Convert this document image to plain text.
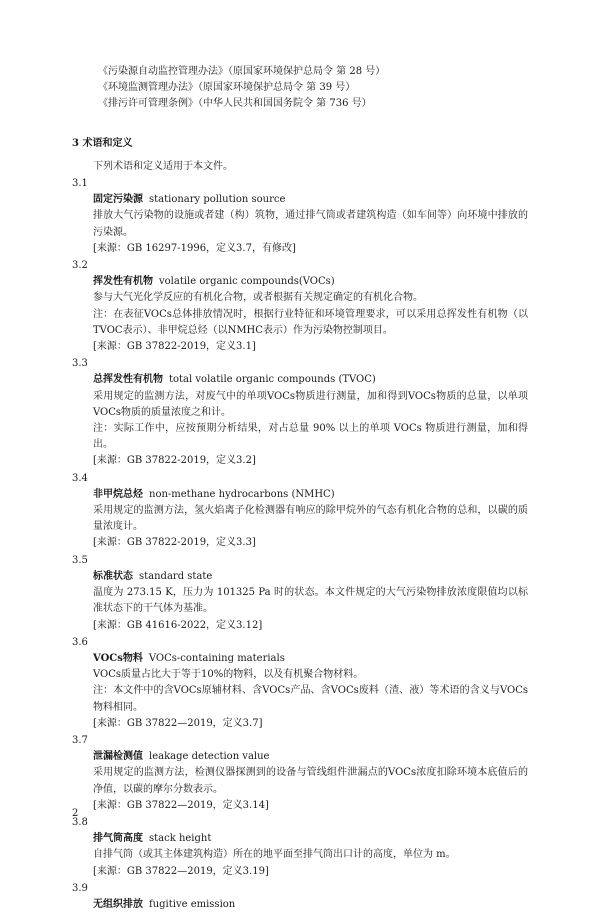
《污染源自动监控管理办法》（原国家环境保护总局令 第 28 号）
《环境监测管理办法》（原国家环境保护总局令 第 39 号）
《排污许可管理条例》（中华人民共和国国务院令 第 736 号）
3 术语和定义
下列术语和定义适用于本文件。
3.1
固定污染源 stationary pollution source
排放大气污染物的设施或者建（构）筑物，通过排气筒或者建筑构造（如车间等）向环境中排放的污染源。
[来源：GB 16297-1996，定义3.7，有修改]
3.2
挥发性有机物 volatile organic compounds(VOCs)
参与大气光化学反应的有机化合物，或者根据有关规定确定的有机化合物。
注：在表征VOCs总体排放情况时，根据行业特征和环境管理要求，可以采用总挥发性有机物（以TVOC表示）、非甲烷总烃（以NMHC表示）作为污染物控制项目。
[来源：GB 37822-2019，定义3.1]
3.3
总挥发性有机物 total volatile organic compounds (TVOC)
采用规定的监测方法，对废气中的单项VOCs物质进行测量，加和得到VOCs物质的总量，以单项VOCs物质的质量浓度之和计。
注：实际工作中，应按预期分析结果，对占总量 90% 以上的单项 VOCs 物质进行测量，加和得出。
[来源：GB 37822-2019，定义3.2]
3.4
非甲烷总烃 non-methane hydrocarbons (NMHC)
采用规定的监测方法，氢火焰离子化检测器有响应的除甲烷外的气态有机化合物的总和，以碳的质量浓度计。
[来源：GB 37822-2019，定义3.3]
3.5
标准状态 standard state
温度为 273.15 K，压力为 101325 Pa 时的状态。本文件规定的大气污染物排放浓度限值均以标准状态下的干气体为基准。
[来源：GB 41616-2022，定义3.12]
3.6
VOCs物料 VOCs-containing materials
VOCs质量占比大于等于10%的物料，以及有机聚合物材料。
注：本文件中的含VOCs原辅材料、含VOCs产品、含VOCs废料（渣、液）等术语的含义与VOCs物料相同。
[来源：GB 37822—2019，定义3.7]
3.7
泄漏检测值 leakage detection value
采用规定的监测方法，检测仪器探测到的设备与管线组件泄漏点的VOCs浓度扣除环境本底值后的净值，以碳的摩尔分数表示。
[来源：GB 37822—2019，定义3.14]
3.8
排气筒高度 stack height
自排气筒（或其主体建筑构造）所在的地平面至排气筒出口计的高度，单位为 m。
[来源：GB 37822—2019，定义3.19]
3.9
无组织排放 fugitive emission
2
